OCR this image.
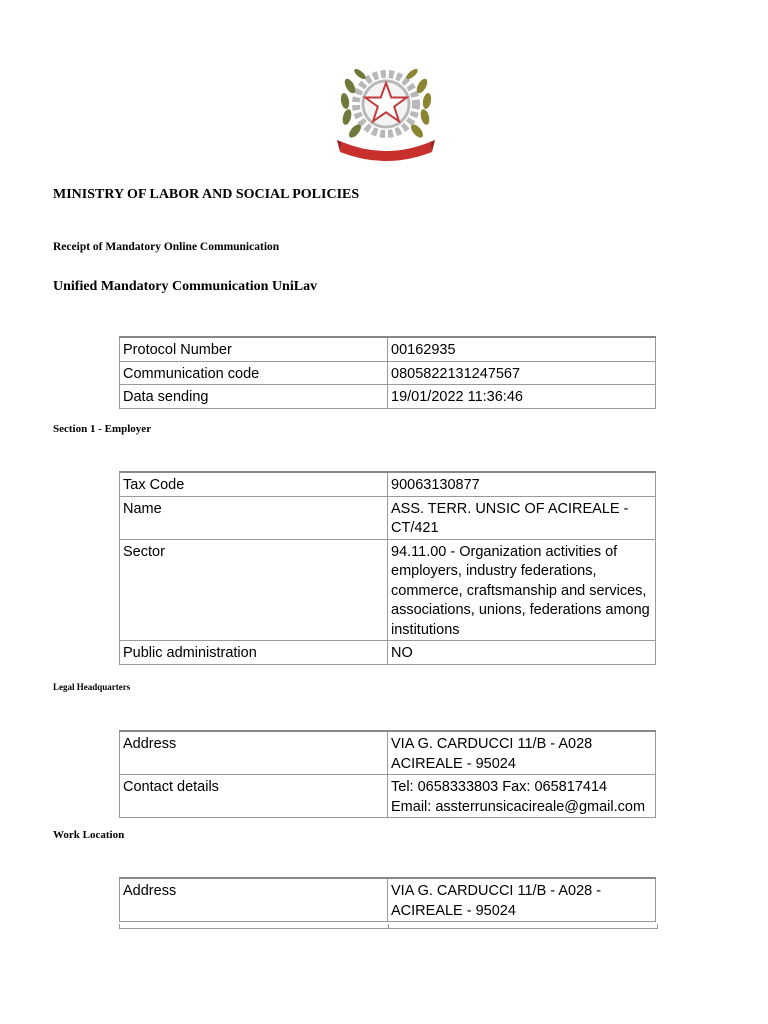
MINISTRY OF LABOR AND SOCIAL POLICIES

Receipt of Mandatory Online Communication

Unified Mandatory Communication UniLav

Protocol Number	00162935
Communication code	0805822131247567
Data sending	19/01/2022 11:36:46

Section 1 - Employer

Tax Code	90063130877
Name	ASS. TERR. UNSIC OF ACIREALE - CT/421
Sector	94.11.00 - Organization activities of employers, industry federations, commerce, craftsmanship and services, associations, unions, federations among institutions
Public administration	NO

Legal Headquarters

Address	VIA G. CARDUCCI 11/B - A028 ACIREALE - 95024
Contact details	Tel: 0658333803 Fax: 065817414
Email: assterrunsicacireale@gmail.com

Work Location

Address	VIA G. CARDUCCI 11/B - A028 - ACIREALE - 95024
